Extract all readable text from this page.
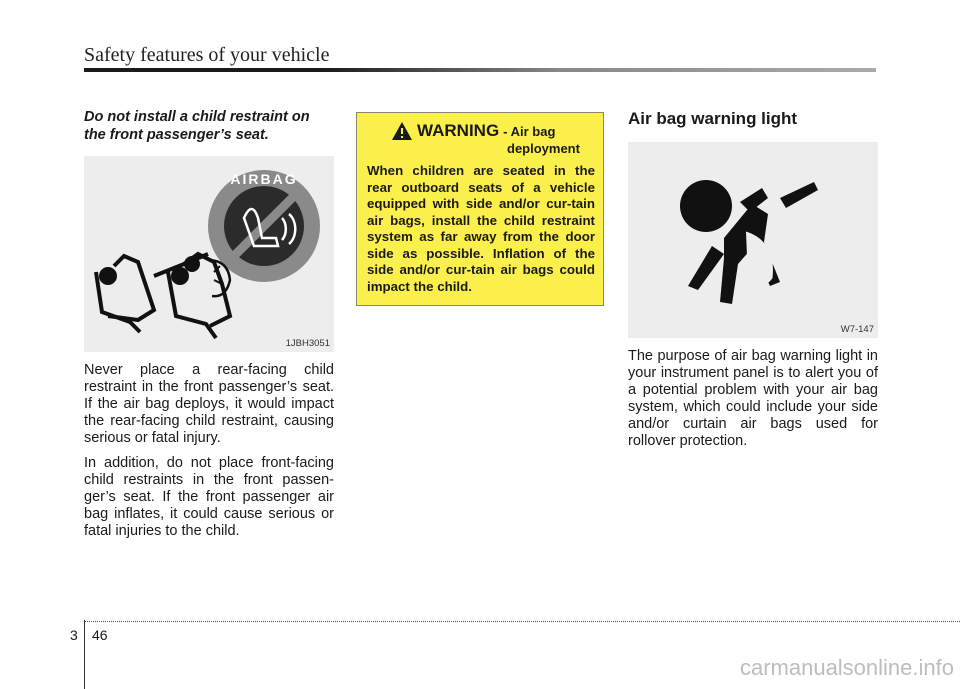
Safety features of your vehicle

Do not install a child restraint on the front passenger’s seat.

AIRBAG
1JBH3051

Never place a rear-facing child restraint in the front passenger’s seat. If the air bag deploys, it would impact the rear-facing child restraint, causing serious or fatal injury.

In addition, do not place front-facing child restraints in the front passen-ger’s seat. If the front passenger air bag inflates, it could cause serious or fatal injuries to the child.

WARNING - Air bag
deployment
When children are seated in the rear outboard seats of a vehicle equipped with side and/or cur-tain air bags, install the child restraint system as far away from the door side as possible. Inflation of the side and/or cur-tain air bags could impact the child.

Air bag warning light

W7-147

The purpose of air bag warning light in your instrument panel is to alert you of a potential problem with your air bag system, which could include your side and/or curtain air bags used for rollover protection.

3 46
carmanualsonline.info
